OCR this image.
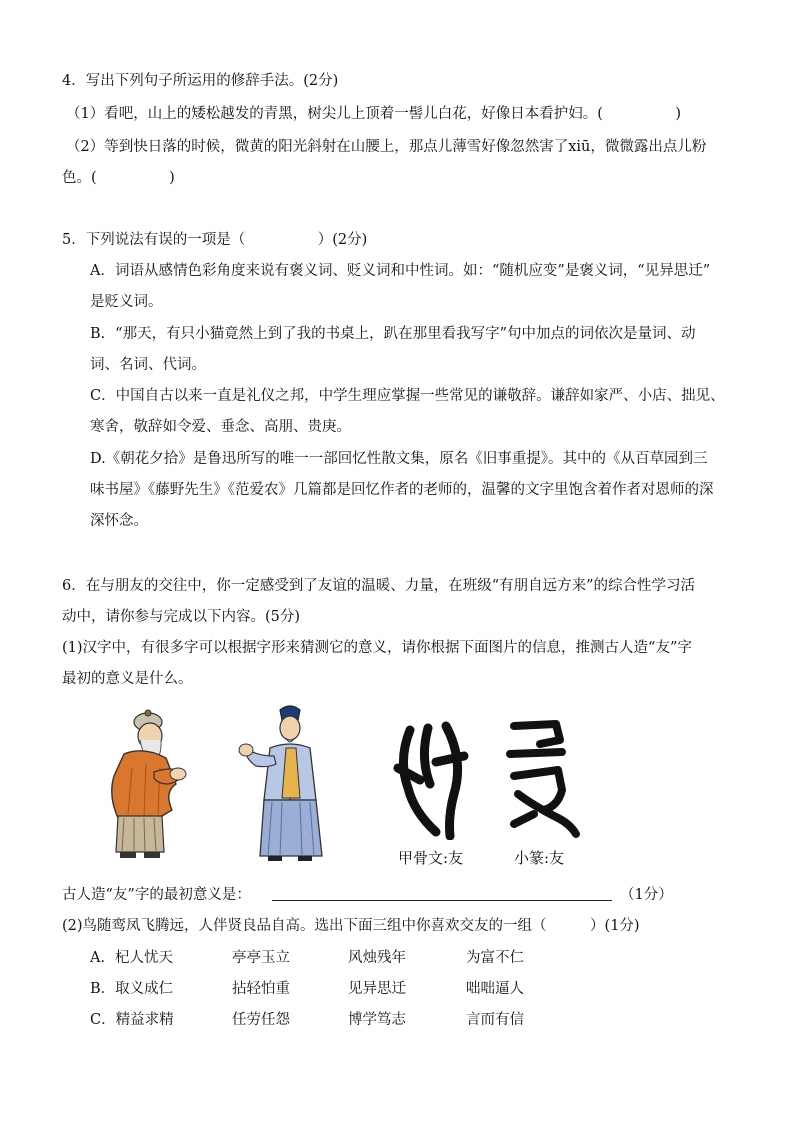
4．写出下列句子所运用的修辞手法。(2分)
（1）看吧，山上的矮松越发的青黑，树尖儿上顶着一髻儿白花，好像日本看护妇。(　　　　　)
（2）等到快日落的时候，微黄的阳光斜射在山腰上，那点儿薄雪好像忽然害了xiū，微微露出点儿粉
色。(　　　　　)
5．下列说法有误的一项是（　　　　　）(2分)
A．词语从感情色彩角度来说有褒义词、贬义词和中性词。如：“随机应变”是褒义词，“见异思迁”
是贬义词。
B．“那天，有只小猫竟然上到了我的书桌上，趴在那里看我写字”句中加点的词依次是量词、动
词、名词、代词。
C．中国自古以来一直是礼仪之邦，中学生理应掌握一些常见的谦敬辞。谦辞如家严、小店、拙见、
寒舍，敬辞如令爱、垂念、高朋、贵庚。
D.《朝花夕拾》是鲁迅所写的唯一一部回忆性散文集，原名《旧事重提》。其中的《从百草园到三
味书屋》《藤野先生》《范爱农》几篇都是回忆作者的老师的，温馨的文字里饱含着作者对恩师的深
深怀念。
6．在与朋友的交往中，你一定感受到了友谊的温暖、力量，在班级“有朋自远方来”的综合性学习活
动中，请你参与完成以下内容。(5分)
(1)汉字中，有很多字可以根据字形来猜测它的意义，请你根据下面图片的信息，推测古人造“友”字
最初的意义是什么。
甲骨文:友	小篆:友
古人造“友”字的最初意义是：	（1分）
(2)鸟随鸾凤飞腾远，人伴贤良品自高。选出下面三组中你喜欢交友的一组（　　　）(1分)
A．杞人忧天	亭亭玉立	风烛残年	为富不仁
B．取义成仁	拈轻怕重	见异思迁	咄咄逼人
C．精益求精	任劳任怨	博学笃志	言而有信
